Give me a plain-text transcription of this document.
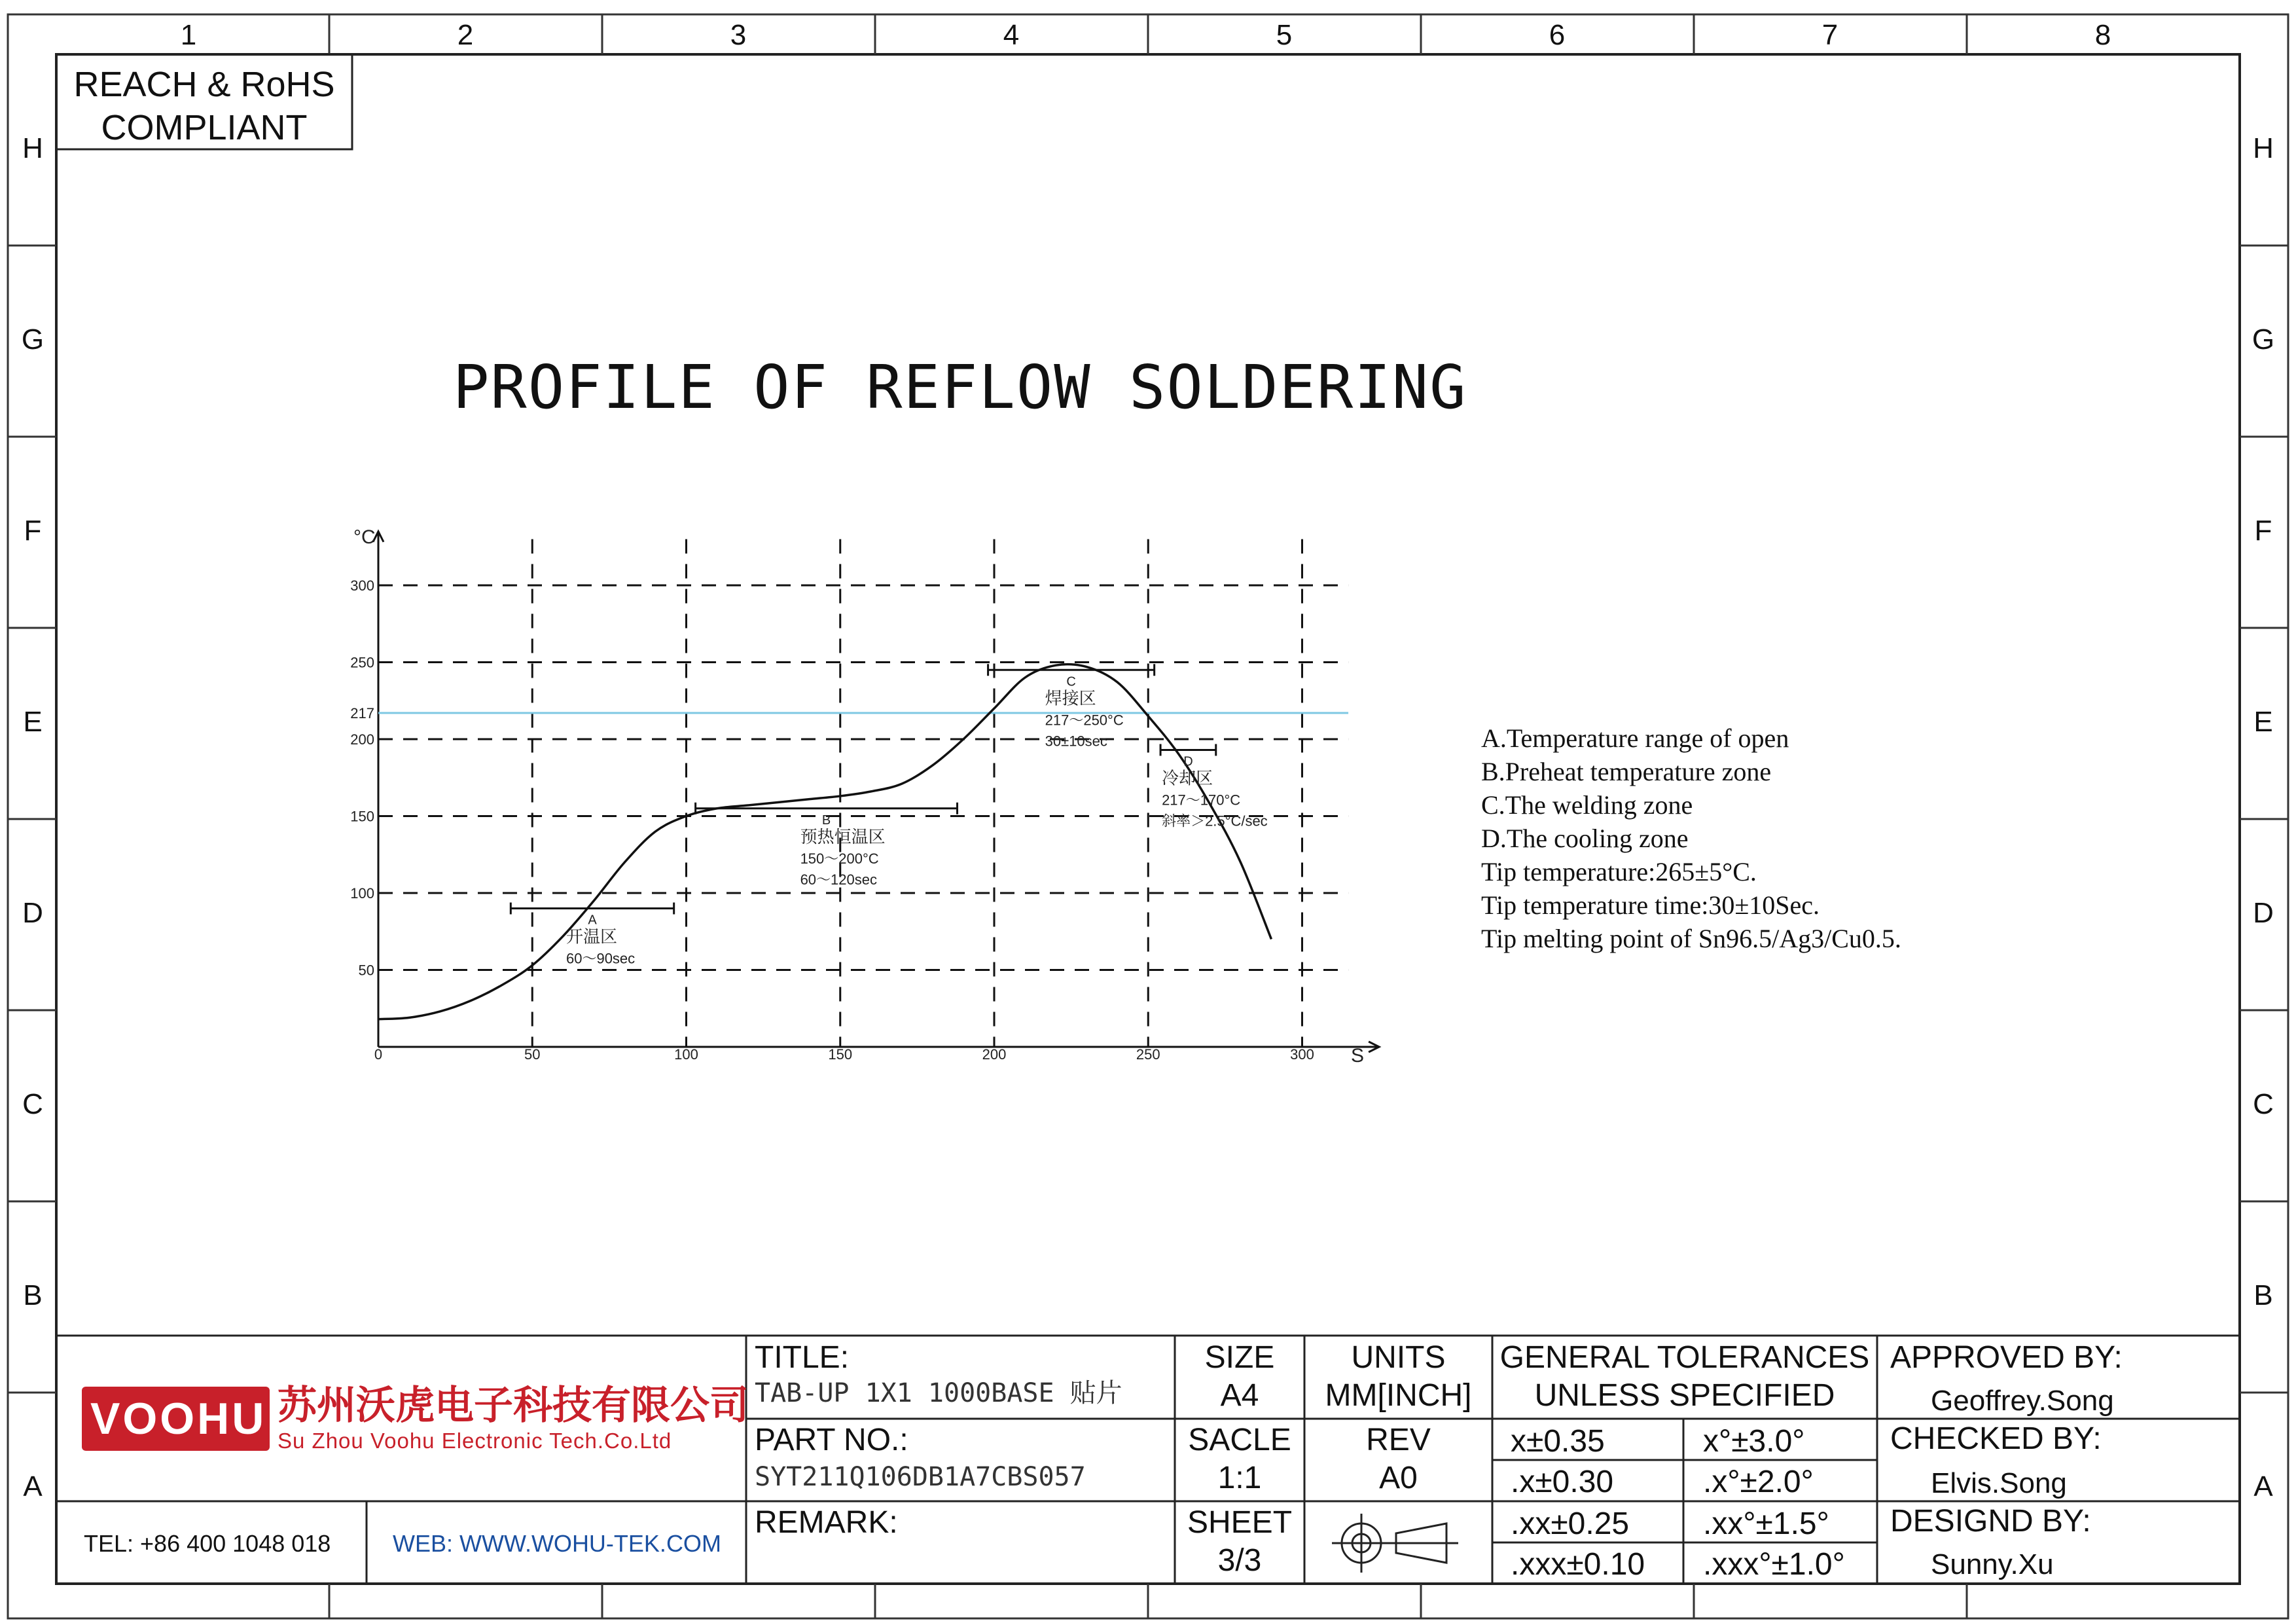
1	2	3	4	5	6	7	8
H
G
F
E
D
C
B
A
H
G
F
E
D
C
B
A
REACH & RoHS
COMPLIANT
PROFILE OF REFLOW SOLDERING
°C
S
0	50	100	150	200	250	300
50
100
150
200
217
250
300
A
开温区
60～90sec
B
预热恒温区
150～200°C
60～120sec
C
焊接区
217～250°C
30±10sec
D
冷却区
217～170°C
斜率＞2.5°C/sec
A.Temperature range of open
B.Preheat temperature zone
C.The welding zone
D.The cooling zone
Tip temperature:265±5°C.
Tip temperature time:30±10Sec.
Tip melting point of Sn96.5/Ag3/Cu0.5.
VOOHU 苏州沃虎电子科技有限公司
Su Zhou Voohu Electronic Tech.Co.Ltd
TEL: +86 400 1048 018	WEB: WWW.WOHU-TEK.COM
TITLE:
TAB-UP 1X1 1000BASE 贴片
PART NO.:
SYT211Q106DB1A7CBS057
REMARK:
SIZE
A4
SACLE
1:1
SHEET
3/3
UNITS
MM[INCH]
REV
A0
GENERAL TOLERANCES
UNLESS SPECIFIED
x±0.35	x°±3.0°
.x±0.30	.x°±2.0°
.xx±0.25 .xx°±1.5°
.xxx±0.10 .xxx°±1.0°
APPROVED BY:
Geoffrey.Song
CHECKED BY:
Elvis.Song
DESIGND BY:
Sunny.Xu
